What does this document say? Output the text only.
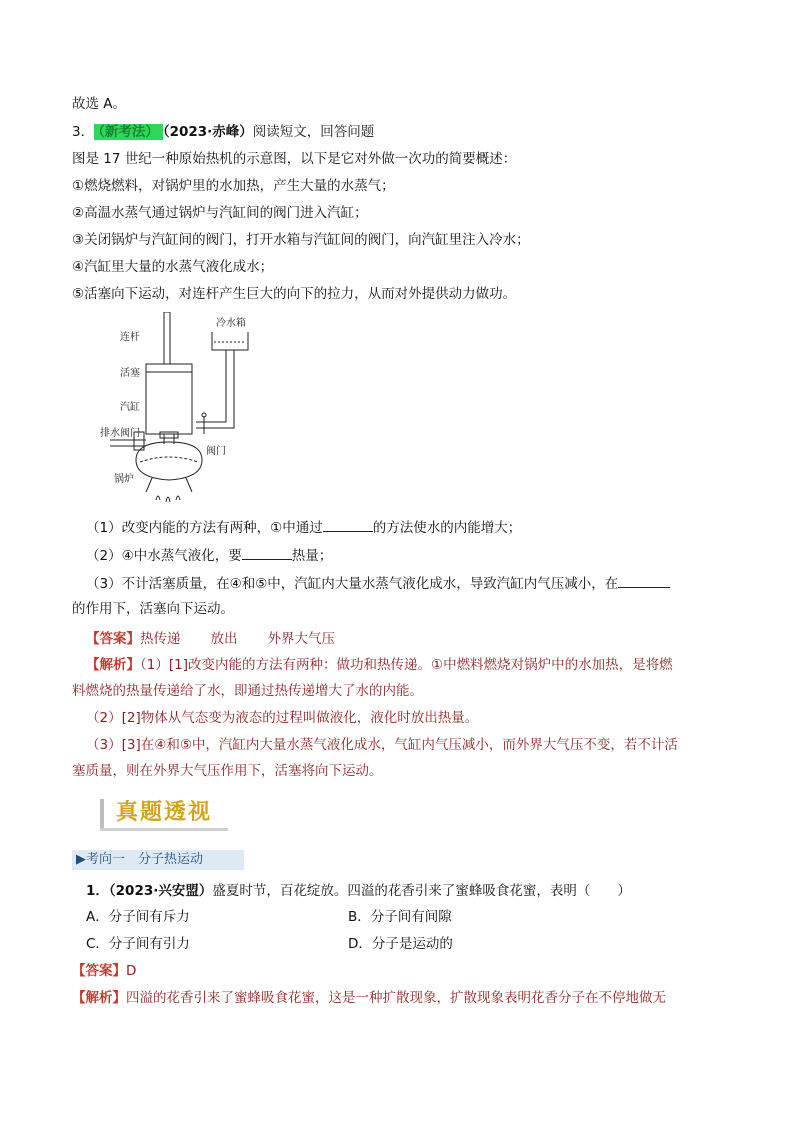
故选 A。
3． （新考法） （2023·赤峰）阅读短文，回答问题
图是 17 世纪一种原始热机的示意图，以下是它对外做一次功的简要概述：
①燃烧燃料，对锅炉里的水加热，产生大量的水蒸气；
②高温水蒸气通过锅炉与汽缸间的阀门进入汽缸；
③关闭锅炉与汽缸间的阀门，打开水箱与汽缸间的阀门，向汽缸里注入冷水；
④汽缸里大量的水蒸气液化成水；
⑤活塞向下运动，对连杆产生巨大的向下的拉力，从而对外提供动力做功。
连杆
冷水箱
活塞
汽缸
排水阀门
阀门
锅炉
（1）改变内能的方法有两种，①中通过	的方法使水的内能增大；
（2）④中水蒸气液化，要	热量；
（3）不计活塞质量，在④和⑤中，汽缸内大量水蒸气液化成水，导致汽缸内气压减小，在
的作用下，活塞向下运动。
【答案】热传递 放出 外界大气压
【解析】（1）[1]改变内能的方法有两种：做功和热传递。①中燃料燃烧对锅炉中的水加热，是将燃
料燃烧的热量传递给了水，即通过热传递增大了水的内能。
（2）[2]物体从气态变为液态的过程叫做液化，液化时放出热量。
（3）[3]在④和⑤中，汽缸内大量水蒸气液化成水，气缸内气压减小，而外界大气压不变，若不计活
塞质量，则在外界大气压作用下，活塞将向下运动。
真题透视
▶考向一　分子热运动
1．（2023·兴安盟）盛夏时节，百花绽放。四溢的花香引来了蜜蜂吸食花蜜，表明（　　）
A．分子间有斥力	B．分子间有间隙
C．分子间有引力	D．分子是运动的
【答案】D
【解析】四溢的花香引来了蜜蜂吸食花蜜，这是一种扩散现象，扩散现象表明花香分子在不停地做无
